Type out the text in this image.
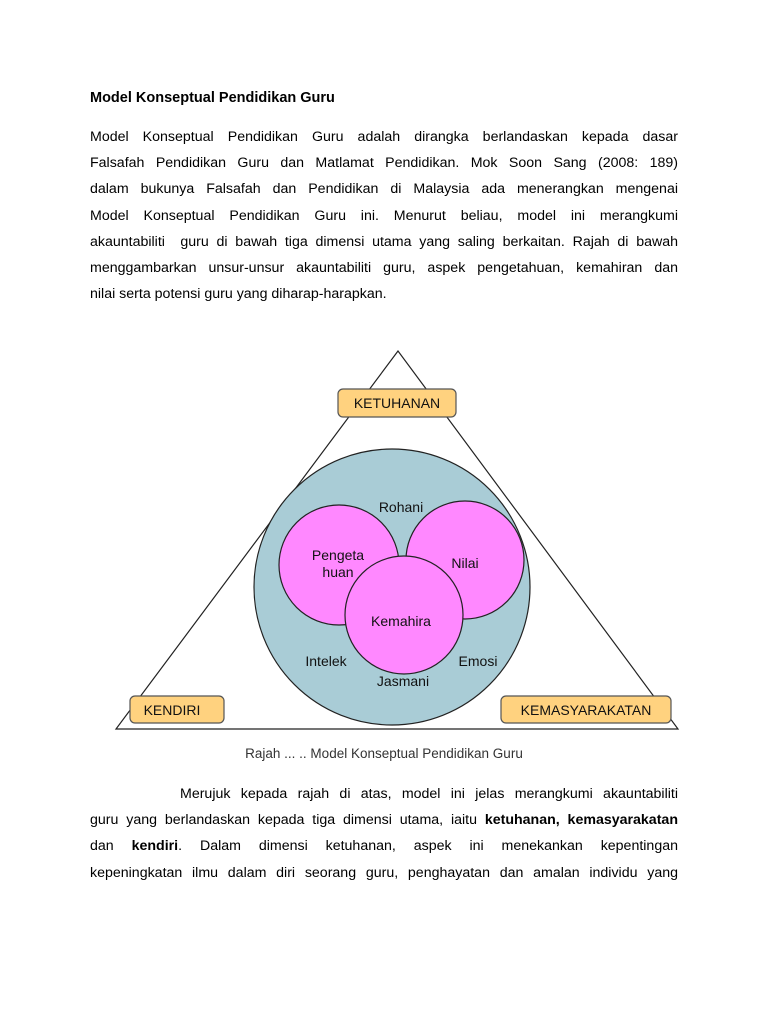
Model Konseptual Pendidikan Guru
Model Konseptual Pendidikan Guru adalah dirangka berlandaskan kepada dasar
Falsafah Pendidikan Guru dan Matlamat Pendidikan. Mok Soon Sang (2008: 189)
dalam bukunya Falsafah dan Pendidikan di Malaysia ada menerangkan mengenai
Model Konseptual Pendidikan Guru ini. Menurut beliau, model ini merangkumi
akauntabiliti  guru di bawah tiga dimensi utama yang saling berkaitan. Rajah di bawah
menggambarkan unsur-unsur akauntabiliti guru, aspek pengetahuan, kemahiran dan
nilai serta potensi guru yang diharap-harapkan.
Merujuk kepada rajah di atas, model ini jelas merangkumi akauntabiliti
guru yang berlandaskan kepada tiga dimensi utama, iaitu ketuhanan, kemasyarakatan
dan kendiri. Dalam dimensi ketuhanan, aspek ini menekankan kepentingan
kepeningkatan ilmu dalam diri seorang guru, penghayatan dan amalan individu yang
Pengeta
huan
Nilai
Kemahira
Rohani
Intelek	Emosi
Jasmani
KETUHANAN
KENDIRI	KEMASYARAKATAN
Rajah ... .. Model Konseptual Pendidikan Guru
